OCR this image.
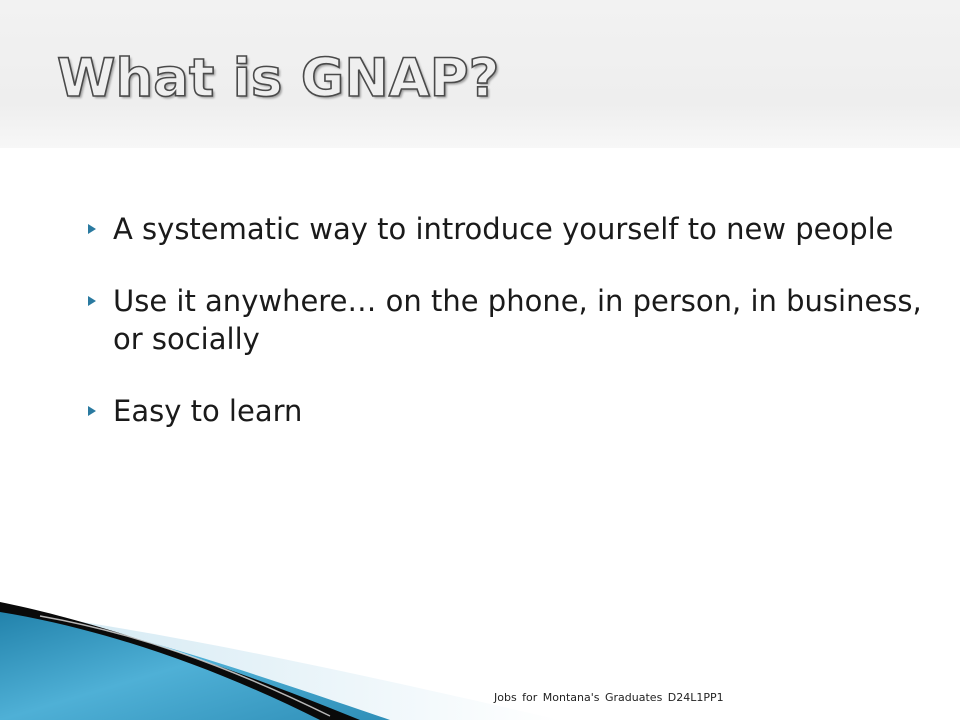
What is GNAP?
A systematic way to introduce yourself to new people
Use it anywhere… on the phone, in person, in business, or socially
Easy to learn
Jobs for Montana's Graduates D24L1PP1
